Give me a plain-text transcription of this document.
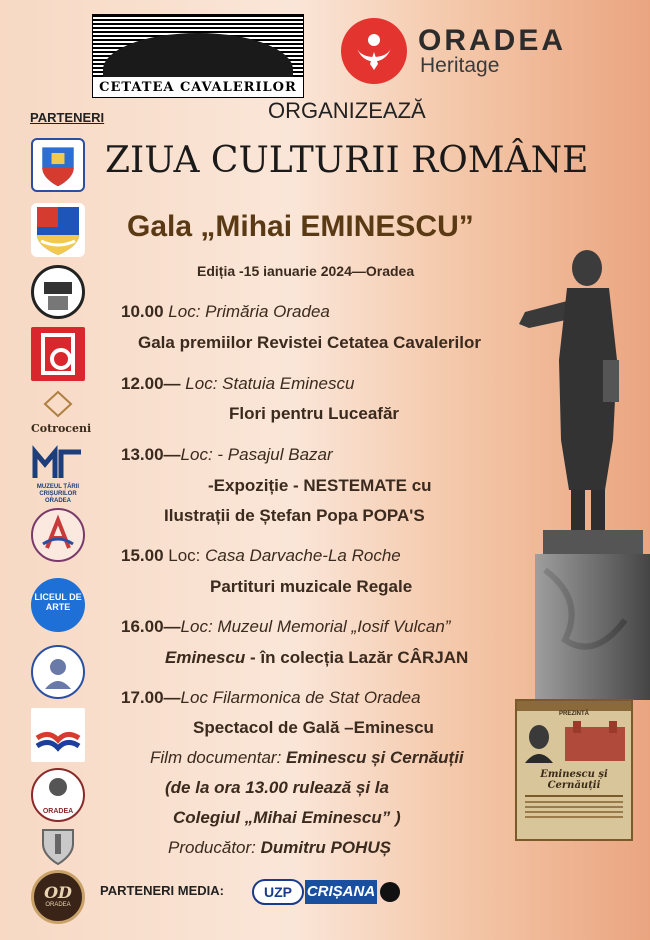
CETATEA CAVALERILOR
ORADEA
Heritage
ORGANIZEAZĂ
PARTENERI
ZIUA CULTURII ROMÂNE
Gala „Mihai EMINESCU”
Ediția -15 ianuarie 2024—Oradea
Cotroceni
MUZEUL ȚĂRII CRIȘURILOR ORADEA
LICEUL DE ARTE
ORADEA
OD
ORADEA
10.00 Loc: Primăria Oradea
Gala premiilor Revistei Cetatea Cavalerilor
12.00— Loc: Statuia Eminescu
Flori pentru Luceafăr
13.00—Loc: - Pasajul Bazar
-Expoziție - NESTEMATE cu
Ilustrații de Ștefan Popa POPA'S
15.00 Loc: Casa Darvache-La Roche
Partituri muzicale Regale
16.00—Loc: Muzeul Memorial „Iosif Vulcan”
Eminescu - în colecția Lazăr CÂRJAN
17.00—Loc Filarmonica de Stat Oradea
Spectacol de Gală –Eminescu
Film documentar: Eminescu și Cernăuții
(de la ora 13.00 rulează și la
Colegiul „Mihai Eminescu” )
Producător: Dumitru POHUȘ
PREZINTĂ
Eminescu și Cernăuții
PARTENERI MEDIA:	UZP CRIȘANA
